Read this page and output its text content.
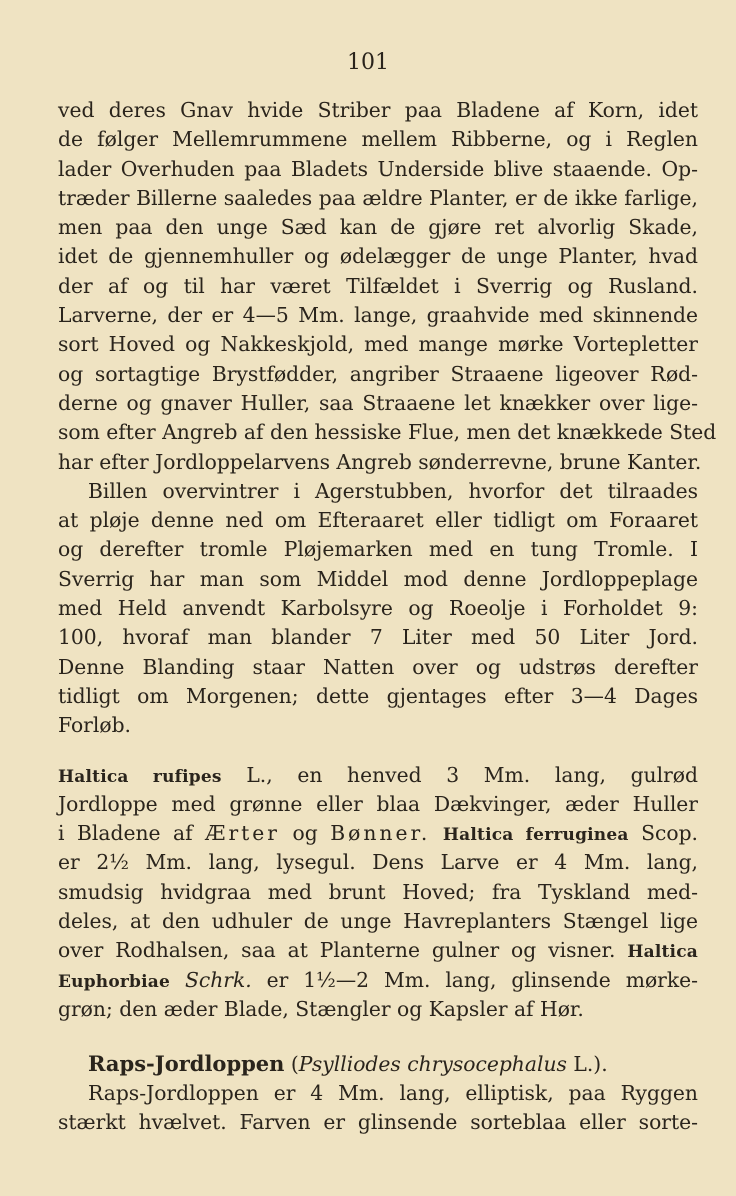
101
ved deres Gnav hvide Striber paa Bladene af Korn, idet
de følger Mellemrummene mellem Ribberne, og i Reglen
lader Overhuden paa Bladets Underside blive staaende. Op-
træder Billerne saaledes paa ældre Planter, er de ikke farlige,
men paa den unge Sæd kan de gjøre ret alvorlig Skade,
idet de gjennemhuller og ødelægger de unge Planter, hvad
der af og til har været Tilfældet i Sverrig og Rusland.
Larverne, der er 4—5 Mm. lange, graahvide med skinnende
sort Hoved og Nakkeskjold, med mange mørke Vortepletter
og sortagtige Brystfødder, angriber Straaene ligeover Rød-
derne og gnaver Huller, saa Straaene let knækker over lige-
som efter Angreb af den hessiske Flue, men det knækkede Sted
har efter Jordloppelarvens Angreb sønderrevne, brune Kanter.
Billen overvintrer i Agerstubben, hvorfor det tilraades
at pløje denne ned om Efteraaret eller tidligt om Foraaret
og derefter tromle Pløjemarken med en tung Tromle. I
Sverrig har man som Middel mod denne Jordloppeplage
med Held anvendt Karbolsyre og Roeolje i Forholdet 9:
100, hvoraf man blander 7 Liter med 50 Liter Jord.
Denne Blanding staar Natten over og udstrøs derefter
tidligt om Morgenen; dette gjentages efter 3—4 Dages
Forløb.
Haltica rufipes L., en henved 3 Mm. lang, gulrød
Jordloppe med grønne eller blaa Dækvinger, æder Huller
i Bladene af Ærter og Bønner. Haltica ferruginea Scop.
er 2½ Mm. lang, lysegul. Dens Larve er 4 Mm. lang,
smudsig hvidgraa med brunt Hoved; fra Tyskland med-
deles, at den udhuler de unge Havreplanters Stængel lige
over Rodhalsen, saa at Planterne gulner og visner. Haltica
Euphorbiae Schrk. er 1½—2 Mm. lang, glinsende mørke-
grøn; den æder Blade, Stængler og Kapsler af Hør.
Raps-Jordloppen (Psylliodes chrysocephalus L.).
Raps-Jordloppen er 4 Mm. lang, elliptisk, paa Ryggen
stærkt hvælvet. Farven er glinsende sorteblaa eller sorte-
